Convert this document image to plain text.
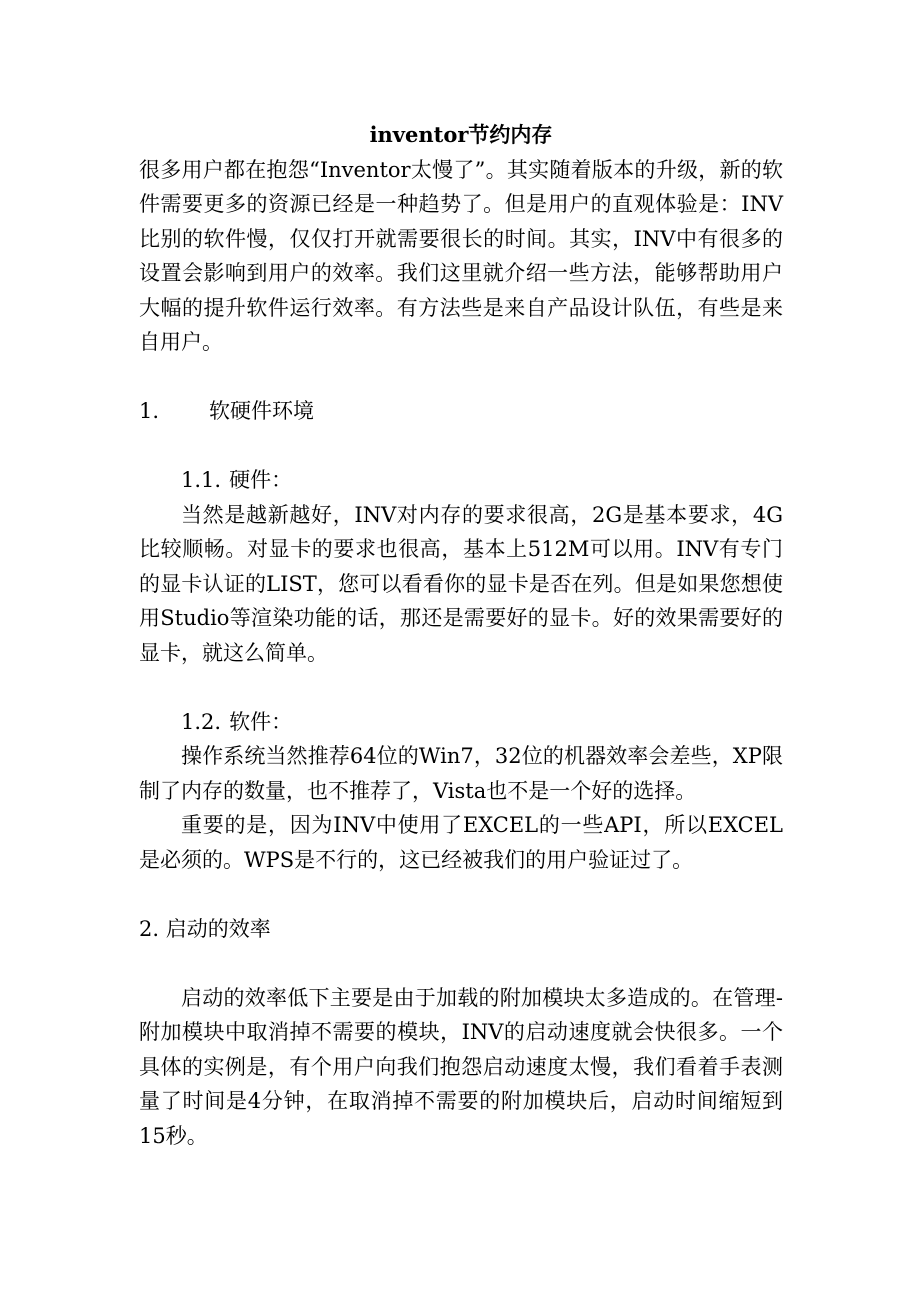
inventor节约内存

很多用户都在抱怨“Inventor太慢了”。其实随着版本的升级，新的软件需要更多的资源已经是一种趋势了。但是用户的直观体验是：INV比别的软件慢，仅仅打开就需要很长的时间。其实，INV中有很多的设置会影响到用户的效率。我们这里就介绍一些方法，能够帮助用户大幅的提升软件运行效率。有方法些是来自产品设计队伍，有些是来自用户。

1. 软硬件环境

1.1. 硬件：

当然是越新越好，INV对内存的要求很高，2G是基本要求，4G比较顺畅。对显卡的要求也很高，基本上512M可以用。INV有专门的显卡认证的LIST，您可以看看你的显卡是否在列。但是如果您想使用Studio等渲染功能的话，那还是需要好的显卡。好的效果需要好的显卡，就这么简单。

1.2. 软件：

操作系统当然推荐64位的Win7，32位的机器效率会差些，XP限制了内存的数量，也不推荐了，Vista也不是一个好的选择。

重要的是，因为INV中使用了EXCEL的一些API，所以EXCEL是必须的。WPS是不行的，这已经被我们的用户验证过了。

2. 启动的效率

启动的效率低下主要是由于加载的附加模块太多造成的。在管理-附加模块中取消掉不需要的模块，INV的启动速度就会快很多。一个具体的实例是，有个用户向我们抱怨启动速度太慢，我们看着手表测量了时间是4分钟，在取消掉不需要的附加模块后，启动时间缩短到15秒。
